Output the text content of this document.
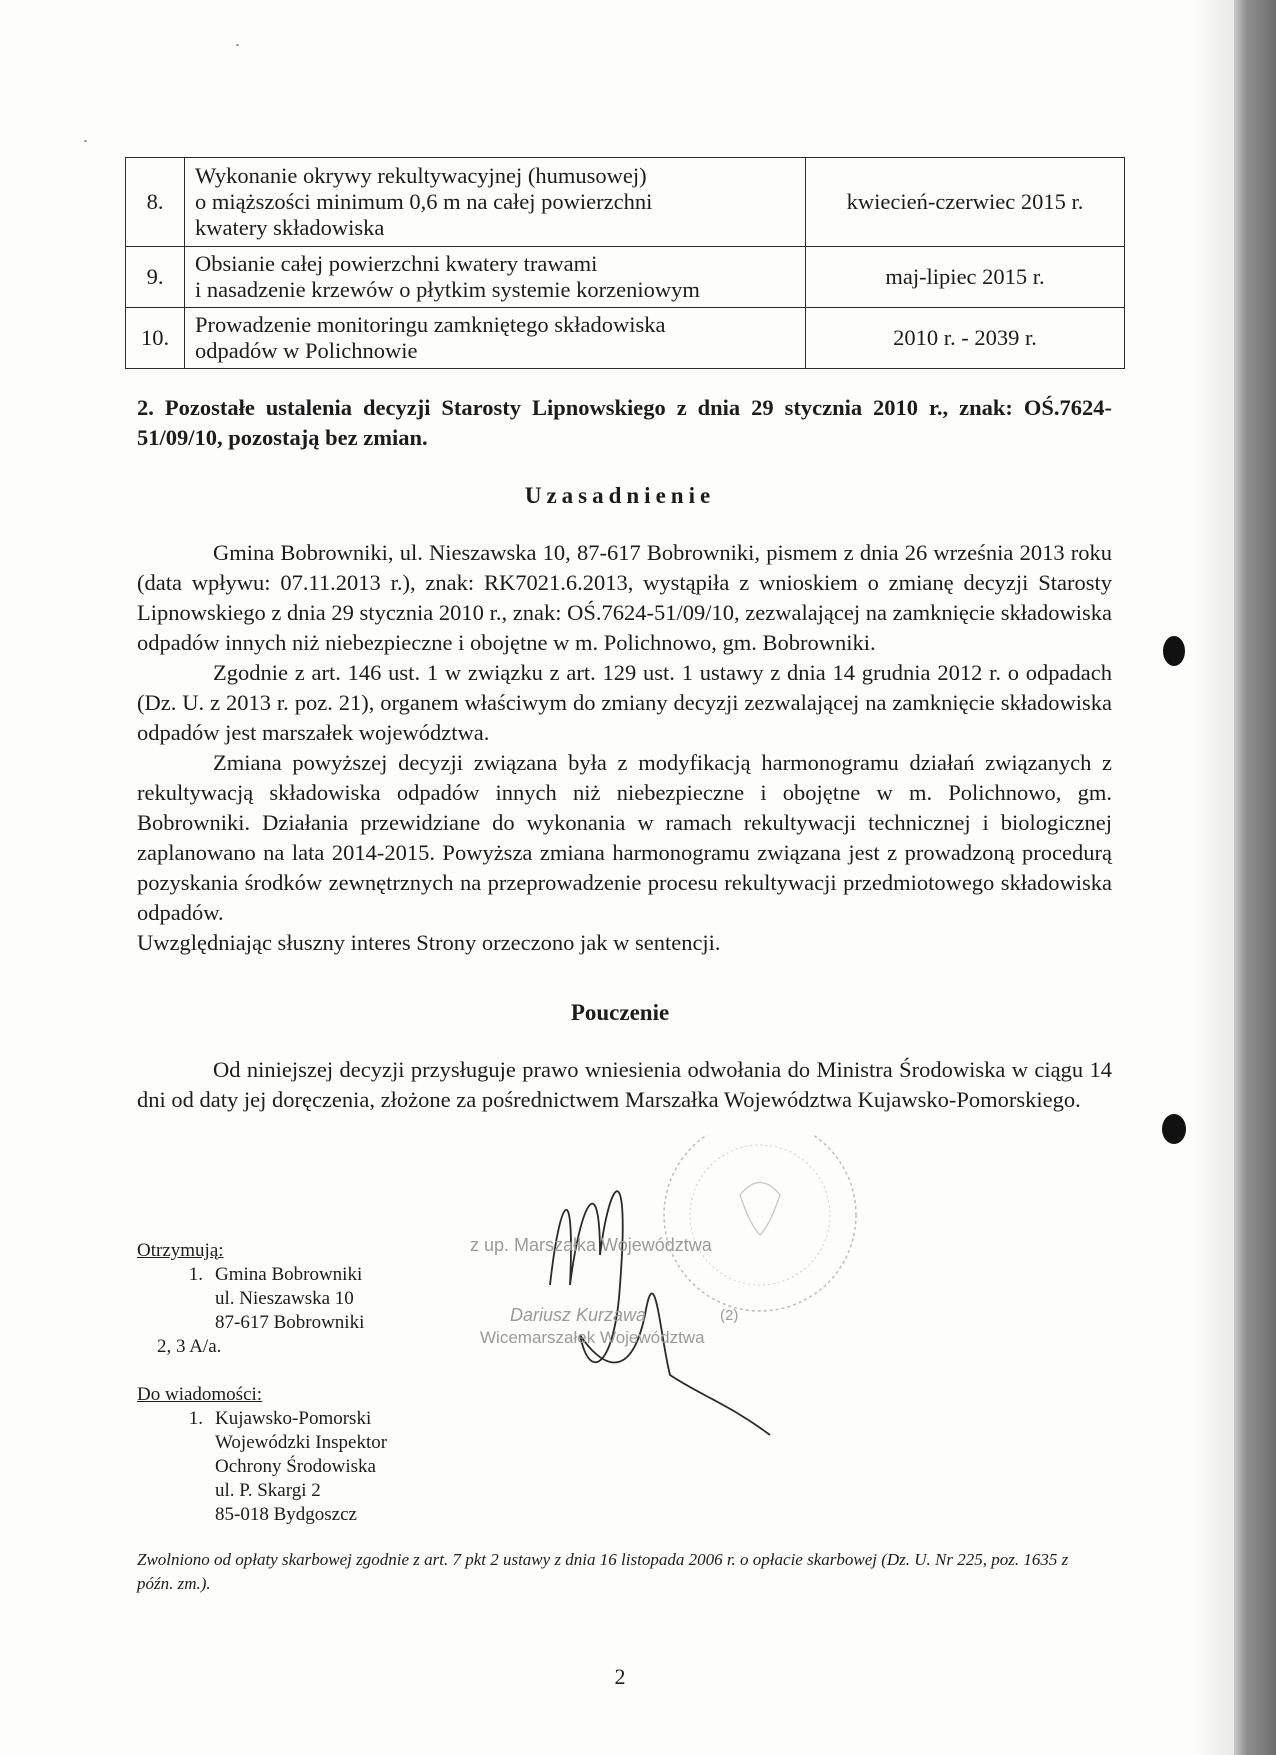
8.	Wykonanie okrywy rekultywacyjnej (humusowej)
o miąższości minimum 0,6 m na całej powierzchni
kwatery składowiska	kwiecień-czerwiec 2015 r.
9.	Obsianie całej powierzchni kwatery trawami
i nasadzenie krzewów o płytkim systemie korzeniowym	maj-lipiec 2015 r.
10.	Prowadzenie monitoringu zamkniętego składowiska
odpadów w Polichnowie	2010 r. - 2039 r.
2. Pozostałe ustalenia decyzji Starosty Lipnowskiego z dnia 29 stycznia 2010 r., znak: OŚ.7624-51/09/10, pozostają bez zmian.
Uzasadnienie

Gmina Bobrowniki, ul. Nieszawska 10, 87-617 Bobrowniki, pismem z dnia 26 września 2013 roku (data wpływu: 07.11.2013 r.), znak: RK7021.6.2013, wystąpiła z wnioskiem o zmianę decyzji Starosty Lipnowskiego z dnia 29 stycznia 2010 r., znak: OŚ.7624-51/09/10, zezwalającej na zamknięcie składowiska odpadów innych niż niebezpieczne i obojętne w m. Polichnowo, gm. Bobrowniki.

Zgodnie z art. 146 ust. 1 w związku z art. 129 ust. 1 ustawy z dnia 14 grudnia 2012 r. o odpadach (Dz. U. z 2013 r. poz. 21), organem właściwym do zmiany decyzji zezwalającej na zamknięcie składowiska odpadów jest marszałek województwa.

Zmiana powyższej decyzji związana była z modyfikacją harmonogramu działań związanych z rekultywacją składowiska odpadów innych niż niebezpieczne i obojętne w m. Polichnowo, gm. Bobrowniki. Działania przewidziane do wykonania w ramach rekultywacji technicznej i biologicznej zaplanowano na lata 2014-2015. Powyższa zmiana harmonogramu związana jest z prowadzoną procedurą pozyskania środków zewnętrznych na przeprowadzenie procesu rekultywacji przedmiotowego składowiska odpadów.

Uwzględniając słuszny interes Strony orzeczono jak w sentencji.

Pouczenie

Od niniejszej decyzji przysługuje prawo wniesienia odwołania do Ministra Środowiska w ciągu 14 dni od daty jej doręczenia, złożone za pośrednictwem Marszałka Województwa Kujawsko-Pomorskiego.

z up. Marszałka Województwa
Dariusz Kurzawa
Wicemarszałek Województwa
(2)
Otrzymują:
1. Gmina Bobrowniki
ul. Nieszawska 10
87-617 Bobrowniki
2, 3 A/a.
Do wiadomości:
1. Kujawsko-Pomorski
Wojewódzki Inspektor
Ochrony Środowiska
ul. P. Skargi 2
85-018 Bydgoszcz
Zwolniono od opłaty skarbowej zgodnie z art. 7 pkt 2 ustawy z dnia 16 listopada 2006 r. o opłacie skarbowej (Dz. U. Nr 225, poz. 1635 z późn. zm.).
2
